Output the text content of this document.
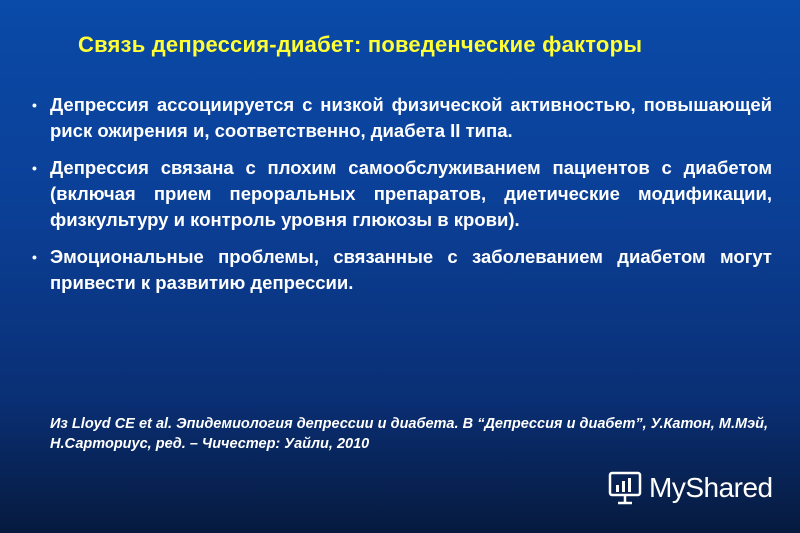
Связь депрессия-диабет: поведенческие факторы
• Депрессия ассоциируется с низкой физической активностью, повышающей риск ожирения и, соответственно, диабета II типа.
• Депрессия связана с плохим самообслуживанием пациентов с диабетом (включая прием пероральных препаратов, диетические модификации, физкультуру и контроль уровня глюкозы в крови).
• Эмоциональные проблемы, связанные с заболеванием диабетом могут привести к развитию депрессии.
Из Lloyd CE et al. Эпидемиология депрессии и диабета. В “Депрессия и диабет”, У.Катон, М.Мэй, Н.Сарториус, ред. – Чичестер: Уайли, 2010
MyShared
